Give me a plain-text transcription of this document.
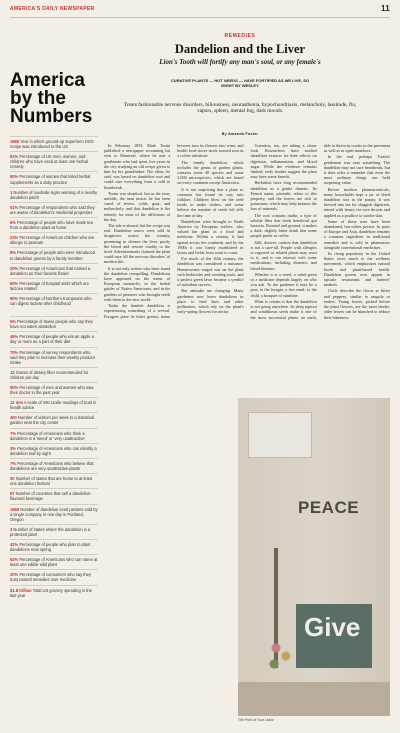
AMERICA'S DAILY NEWSPAPER	11
America by the Numbers
1986 Year in which ground-up superhero DGS recipe was introduced to the US
81% Percentage of US men, women, and children who have used at least one herbal remedy
60% Percentage of women that listed herbal supplements as a daily practice
1 Number of roadside signs warning of a nearby dandelion patch
51% Percentage of respondents who said they are aware of dandelion's medicinal properties
6% Percentage of people who have made tea from a dandelion plant at home
23% Percentage of American children who are allergic to peanuts
8% Percentage of people who were introduced to dandelion greens by a family member
20% Percentage of Americans that named a dandelion as their favorite flower
60% Percentage of hospital visits which are lactose related
90% Percentage of Northern Europeans who can digest lactose after childhood
5% Percentage of Swiss people who say they have not eaten dandelion
46% Percentage of people who eat an apple a day or more as a part of their diet
70% Percentage of survey respondents who said they plan to increase their weekly produce intake
12 Grams of dietary fiber recommended for children per day
50% Percentage of men and women who saw their doctor in the past year
12 mm A scale of 400 Lexile readings of trust in health advice
400 Number of visitors per week to a botanical garden near the city center
7% Percentage of Americans who think a dandelion is a 'weed' or 'very unattractive'
3% Percentage of Americans who can identify a dandelion leaf by sight
7% Percentage of Americans who believe that dandelions are very unattractive plants
30 Number of states that are home to at least one dandelion festival
67 Number of countries that sell a dandelion-flavored beverage
1989 Number of dandelion seed packets sold by a single company in one day in Portland, Oregon
3 Number of states where the dandelion is a protected plant
42% Percentage of people who plan to plant dandelions next spring
62% Percentage of Americans who can name at least one edible wild plant
20% Percentage of consumers who say they trust natural remedies over medicine
$1.8 trillion Total US grocery spending in the last year
REMEDIES
Dandelion and the Liver
Lion's Tooth will fortify any man's soul, or any female's
CURATIVE PLANTS — HOT NEEDS — HAVE FORTIFIED AS WE LIVE, SO MIGHT BY WESLEY
Treats fashionable nervous disorders, biliousness, neurasthenia, hypochondriasis, melancholy, lassitude, flu, vapors, spleen, mental fog, dark moods.
By Amanda Foster

In February 1853, Mark Twain published a newspaper recounting his visit to Montreal, where he met a gentleman who had spent five years in the city studying an old recipe given to him by his grandfather. The elixir, he said, was based on dandelion root and could cure everything from a cold to heartbreak.

Twain was skeptical, but as the story unfolds, the man insists he has been cured of fevers, colds, gout, and melancholy, and that dandelion is the remedy for most of the afflictions of the day.

The tale is absurd, but the recipe was real. Dandelion tonics were sold in drugstores across the country, promising to cleanse the liver, purify the blood and restore vitality to the tired. Advertisements claimed the plant could cure 'all the nervous disorders' of modern life.

It is not only writers who have found the dandelion compelling. Dandelions have appeared on the menu of European monarchs, in the herbal guides of Native Americans, and in the gardens of pioneers who brought seeds with them to the new world.

Today the humble dandelion is experiencing something of a revival. Foragers prize its bitter greens; home brewers turn its flowers into wine; and health food stores stock roasted root as a coffee substitute.

The family dandelion, which includes the genus of garden plants, contains some 40 species and some 2,000 microspecies, which are found on every continent except Antarctica.

It is not surprising that a plant so common has found its way into folklore. Children blow on the seed heads to make wishes, and some believe the number of seeds left tells the time of day.

Dandelions were brought to North America by European settlers, who valued the plant as a food and medicine. Within a century, it had spread across the continent, and by the 1800s it was firmly established in lawns and fields from coast to coast.

For much of the 20th century, the dandelion was considered a nuisance. Homeowners waged war on the plant with herbicides and weeding tools, and a perfect green lawn became a symbol of suburban success.

But attitudes are changing. Many gardeners now leave dandelions in place to feed bees and other pollinators, which rely on the plant's early-spring flowers for nectar.

Scientists, too, are taking a closer look. Researchers have studied dandelion extracts for their effects on digestion, inflammation, and blood sugar. While the evidence remains limited, early studies suggest the plant may have some benefit.

Herbalists have long recommended dandelion as a gentle diuretic. Its French name, pissenlit, refers to this property, and the leaves are rich in potassium, which may help balance the loss of minerals.

The root contains inulin, a type of soluble fiber that feeds beneficial gut bacteria. Roasted and ground, it makes a dark, slightly bitter drink that some people prefer to coffee.

Still, doctors caution that dandelion is not a cure-all. People with allergies to ragweed or related plants may react to it, and it can interact with some medications, including diuretics and blood thinners.

Whether it is a weed, a salad green or a medicine depends largely on who you ask. To the gardener it may be a pest; to the forager, a free meal; to the child, a bouquet of sunshine.

What is certain is that the dandelion is not going anywhere. Its deep taproot and windblown seeds make it one of the most successful plants on earth, able to thrive in cracks in the pavement as well as in open meadows.

In the end, perhaps Twain's gentleman was onto something. The dandelion may not cure heartbreak, but it does offer a reminder that even the most ordinary things can hold surprising value.

Before modern pharmaceuticals, many households kept a jar of dried dandelion root in the pantry. It was brewed into tea for sluggish digestion, mixed with honey for sore throats and applied as a poultice to soothe skin.

Some of those uses have been abandoned, but others persist. In parts of Europe and Asia, dandelion remains a common ingredient in traditional remedies and is sold in pharmacies alongside conventional medicines.

Its rising popularity in the United States owes much to the wellness movement, which emphasizes natural foods and plant-based health. Dandelion greens now appear in upscale restaurants and farmers' markets.

Chefs describe the flavor as bitter and peppery, similar to arugula or endive. Young leaves, picked before the plant flowers, are the most tender; older leaves can be blanched to reduce their bitterness.

PEACE
Give
The Fruit of Your Labor
